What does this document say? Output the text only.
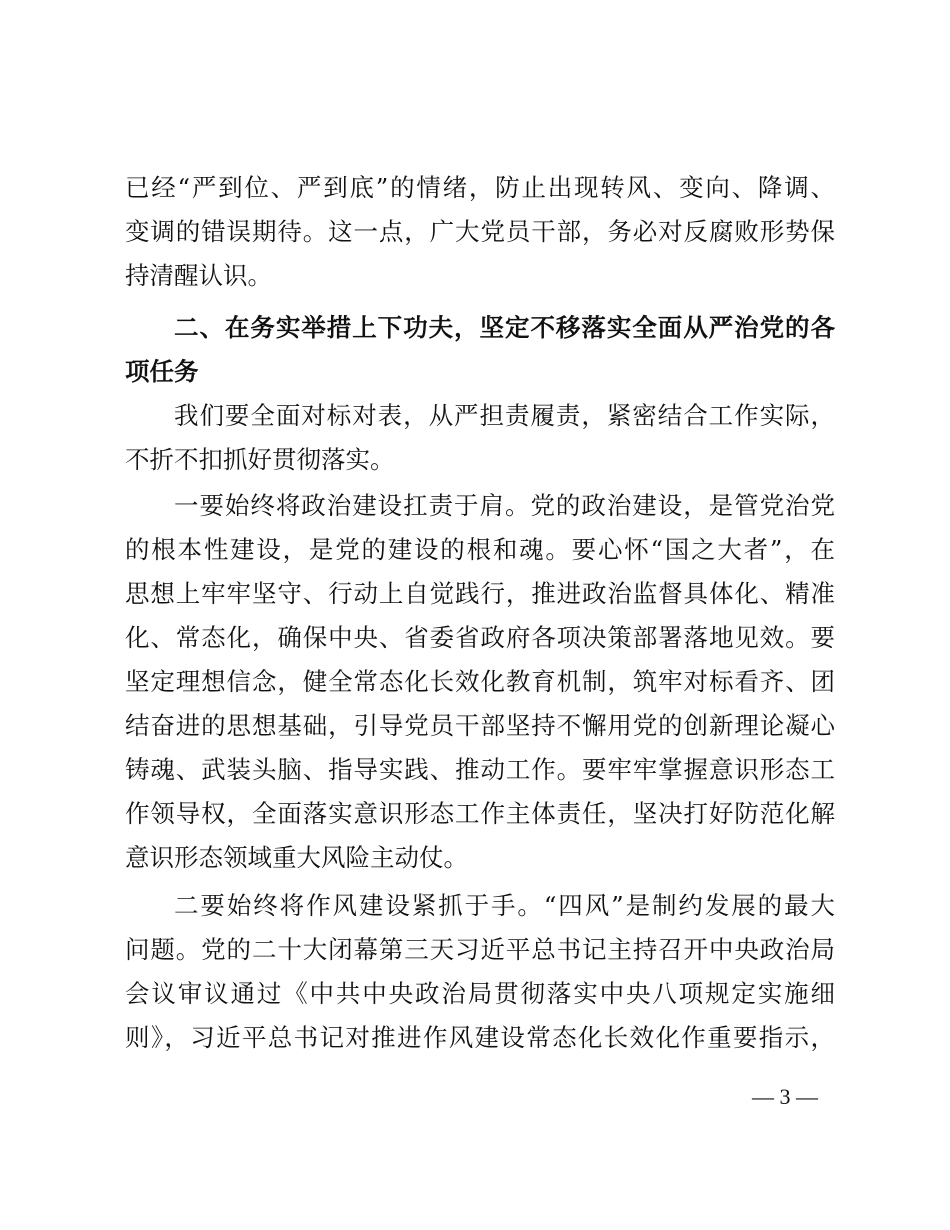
已经“严到位、严到底”的情绪，防止出现转风、变向、降调、
变调的错误期待。这一点，广大党员干部，务必对反腐败形势保
持清醒认识。
二、在务实举措上下功夫，坚定不移落实全面从严治党的各
项任务
我们要全面对标对表，从严担责履责，紧密结合工作实际，
不折不扣抓好贯彻落实。
一要始终将政治建设扛责于肩。党的政治建设，是管党治党
的根本性建设，是党的建设的根和魂。要心怀“国之大者”，在
思想上牢牢坚守、行动上自觉践行，推进政治监督具体化、精准
化、常态化，确保中央、省委省政府各项决策部署落地见效。要
坚定理想信念，健全常态化长效化教育机制，筑牢对标看齐、团
结奋进的思想基础，引导党员干部坚持不懈用党的创新理论凝心
铸魂、武装头脑、指导实践、推动工作。要牢牢掌握意识形态工
作领导权，全面落实意识形态工作主体责任，坚决打好防范化解
意识形态领域重大风险主动仗。
二要始终将作风建设紧抓于手。“四风”是制约发展的最大
问题。党的二十大闭幕第三天习近平总书记主持召开中央政治局
会议审议通过《中共中央政治局贯彻落实中央八项规定实施细
则》，习近平总书记对推进作风建设常态化长效化作重要指示，
— 3 —
